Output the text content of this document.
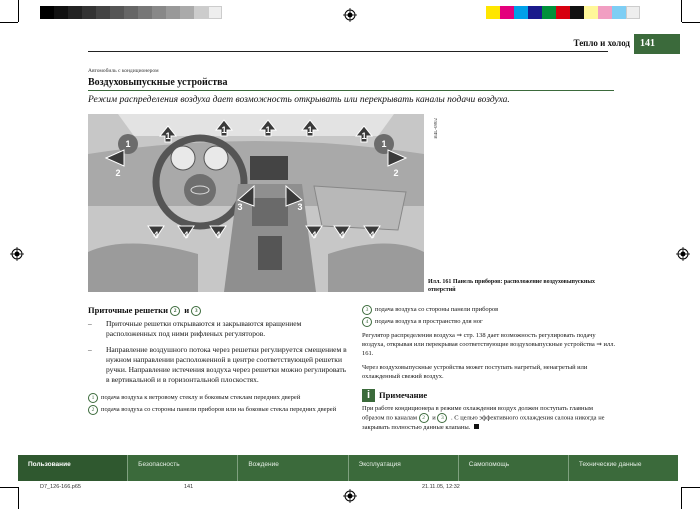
Тепло и холод	141
Автомобиль с кондиционером
Воздуховыпускные устройства
Режим распределения воздуха дает возможность открывать или перекрывать каналы подачи воздуха.
1
1	1	1
1
1	1
2	2
3	3
4	4	4	4	4	4
B4L-0802
Илл. 161 Панель приборов: расположение воздуховыпускных отверстий
Приточные решетки 2 и 3
– Приточные решетки открываются и закрываются вращением расположенных под ними рифленых регуляторов.
– Направление воздушного потока через решетки регулируется смещением в нужном направлении расположенной в центре соответствующей решетки ручки. Направление истечения воздуха через решетки можно регулировать в вертикальной и в горизонтальной плоскостях.
1	подача воздуха к ветровому стеклу и боковым стеклам передних дверей
2	подача воздуха со стороны панели приборов или на боковые стекла передних дверей
3	подача воздуха со стороны панели приборов
4	подача воздуха в пространство для ног
Регулятор распределения воздуха ⇒ стр. 138 дает возможность регулировать подачу воздуха, открывая или перекрывая соответствующие воздуховыпускные устройства ⇒ илл. 161.
Через воздуховыпускные устройства может поступать нагретый, ненагретый или охлажденный свежий воздух.
i	Примечание
При работе кондиционера в режиме охлаждения воздух должен поступать главным образом по каналам 2 и 3 . С целью эффективного охлаждения салона никогда не закрывать полностью данные клапаны.
Пользование	Безопасность	Вождение	Эксплуатация	Самопомощь	Технические данные
D7_126-166.p65	141	21.11.05, 12:32
